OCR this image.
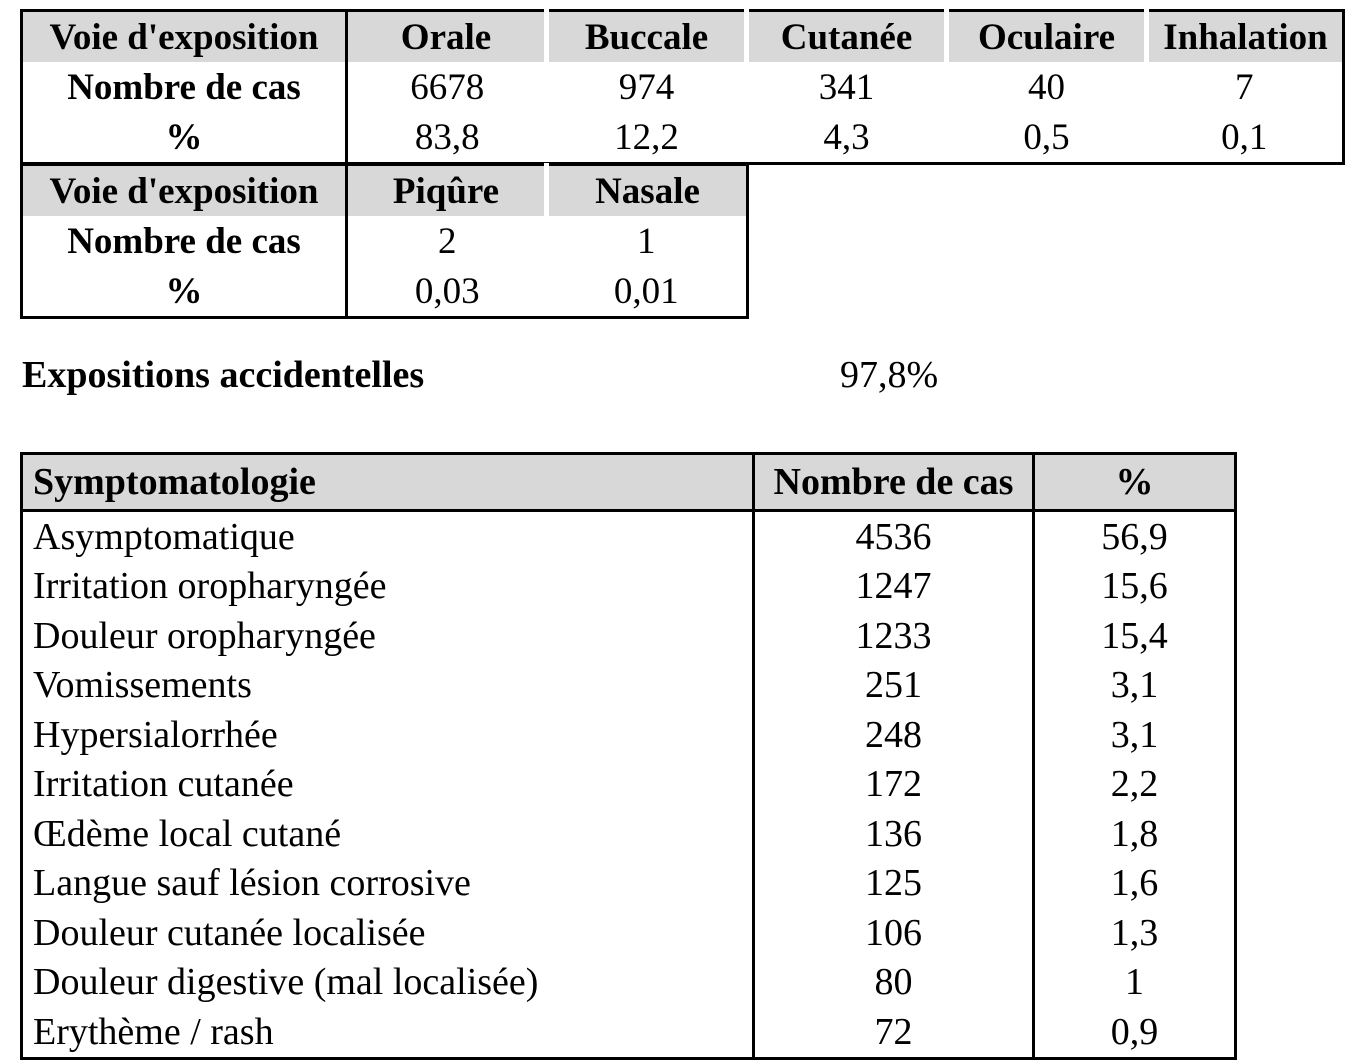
Voie d'exposition	Orale	Buccale	Cutanée	Oculaire	Inhalation
Nombre de cas	6678	974	341	40	7
%	83,8	12,2	4,3	0,5	0,1
Voie d'exposition	Piqûre	Nasale
Nombre de cas	2	1
%	0,03	0,01
Expositions accidentelles	97,8%
Symptomatologie	Nombre de cas	%
Asymptomatique	4536	56,9
Irritation oropharyngée	1247	15,6
Douleur oropharyngée	1233	15,4
Vomissements	251	3,1
Hypersialorrhée	248	3,1
Irritation cutanée	172	2,2
Œdème local cutané	136	1,8
Langue sauf lésion corrosive	125	1,6
Douleur cutanée localisée	106	1,3
Douleur digestive (mal localisée)	80	1
Erythème / rash	72	0,9
